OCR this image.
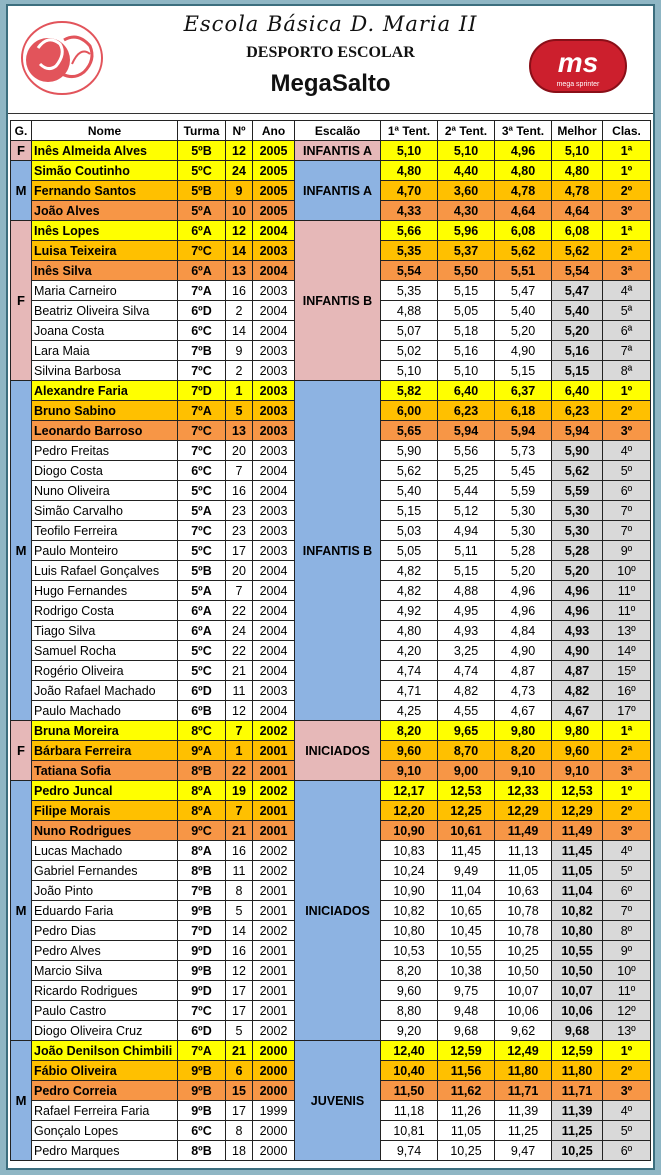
Escola Básica D. Maria II
DESPORTO ESCOLAR
MegaSalto
ms
mega sprinter
G.	Nome	Turma	Nº	Ano	Escalão	1ª Tent.	2ª Tent.	3ª Tent.	Melhor	Clas.
F	Inês Almeida Alves	5ºB	12	2005	INFANTIS A	5,10	5,10	4,96	5,10	1ª
M	Simão Coutinho	5ºC	24	2005	INFANTIS A	4,80	4,40	4,80	4,80	1º
	Fernando Santos	5ºB	9	2005		4,70	3,60	4,78	4,78	2º
	João Alves	5ºA	10	2005		4,33	4,30	4,64	4,64	3º
F	Inês Lopes	6ºA	12	2004	INFANTIS B	5,66	5,96	6,08	6,08	1ª
	Luisa Teixeira	7ºC	14	2003		5,35	5,37	5,62	5,62	2ª
	Inês Silva	6ºA	13	2004		5,54	5,50	5,51	5,54	3ª
	Maria Carneiro	7ºA	16	2003		5,35	5,15	5,47	5,47	4ª
	Beatriz Oliveira Silva	6ºD	2	2004		4,88	5,05	5,40	5,40	5ª
	Joana Costa	6ºC	14	2004		5,07	5,18	5,20	5,20	6ª
	Lara Maia	7ºB	9	2003		5,02	5,16	4,90	5,16	7ª
	Silvina Barbosa	7ºC	2	2003		5,10	5,10	5,15	5,15	8ª
M	Alexandre Faria	7ºD	1	2003	INFANTIS B	5,82	6,40	6,37	6,40	1º
	Bruno Sabino	7ºA	5	2003		6,00	6,23	6,18	6,23	2º
	Leonardo Barroso	7ºC	13	2003		5,65	5,94	5,94	5,94	3º
	Pedro Freitas	7ºC	20	2003		5,90	5,56	5,73	5,90	4º
	Diogo Costa	6ºC	7	2004		5,62	5,25	5,45	5,62	5º
	Nuno Oliveira	5ºC	16	2004		5,40	5,44	5,59	5,59	6º
	Simão Carvalho	5ºA	23	2003		5,15	5,12	5,30	5,30	7º
	Teofilo Ferreira	7ºC	23	2003		5,03	4,94	5,30	5,30	7º
	Paulo Monteiro	5ºC	17	2003		5,05	5,11	5,28	5,28	9º
	Luis Rafael Gonçalves	5ºB	20	2004		4,82	5,15	5,20	5,20	10º
	Hugo Fernandes	5ºA	7	2004		4,82	4,88	4,96	4,96	11º
	Rodrigo Costa	6ºA	22	2004		4,92	4,95	4,96	4,96	11º
	Tiago Silva	6ºA	24	2004		4,80	4,93	4,84	4,93	13º
	Samuel Rocha	5ºC	22	2004		4,20	3,25	4,90	4,90	14º
	Rogério Oliveira	5ºC	21	2004		4,74	4,74	4,87	4,87	15º
	João Rafael Machado	6ºD	11	2003		4,71	4,82	4,73	4,82	16º
	Paulo Machado	6ºB	12	2004		4,25	4,55	4,67	4,67	17º
F	Bruna Moreira	8ºC	7	2002	INICIADOS	8,20	9,65	9,80	9,80	1ª
	Bárbara Ferreira	9ºA	1	2001		9,60	8,70	8,20	9,60	2ª
	Tatiana Sofia	8ºB	22	2001		9,10	9,00	9,10	9,10	3ª
M	Pedro Juncal	8ºA	19	2002	INICIADOS	12,17	12,53	12,33	12,53	1º
	Filipe Morais	8ºA	7	2001		12,20	12,25	12,29	12,29	2º
	Nuno Rodrigues	9ºC	21	2001		10,90	10,61	11,49	11,49	3º
	Lucas Machado	8ºA	16	2002		10,83	11,45	11,13	11,45	4º
	Gabriel Fernandes	8ºB	11	2002		10,24	9,49	11,05	11,05	5º
	João Pinto	7ºB	8	2001		10,90	11,04	10,63	11,04	6º
	Eduardo Faria	9ºB	5	2001		10,82	10,65	10,78	10,82	7º
	Pedro Dias	7ºD	14	2002		10,80	10,45	10,78	10,80	8º
	Pedro Alves	9ºD	16	2001		10,53	10,55	10,25	10,55	9º
	Marcio Silva	9ºB	12	2001		8,20	10,38	10,50	10,50	10º
	Ricardo Rodrigues	9ºD	17	2001		9,60	9,75	10,07	10,07	11º
	Paulo Castro	7ºC	17	2001		8,80	9,48	10,06	10,06	12º
	Diogo Oliveira Cruz	6ºD	5	2002		9,20	9,68	9,62	9,68	13º
M	João Denilson Chimbili	7ºA	21	2000	JUVENIS	12,40	12,59	12,49	12,59	1º
	Fábio Oliveira	9ºB	6	2000		10,40	11,56	11,80	11,80	2º
	Pedro Correia	9ºB	15	2000		11,50	11,62	11,71	11,71	3º
	Rafael Ferreira Faria	9ºB	17	1999		11,18	11,26	11,39	11,39	4º
	Gonçalo Lopes	6ºC	8	2000		10,81	11,05	11,25	11,25	5º
	Pedro Marques	8ºB	18	2000		9,74	10,25	9,47	10,25	6º
